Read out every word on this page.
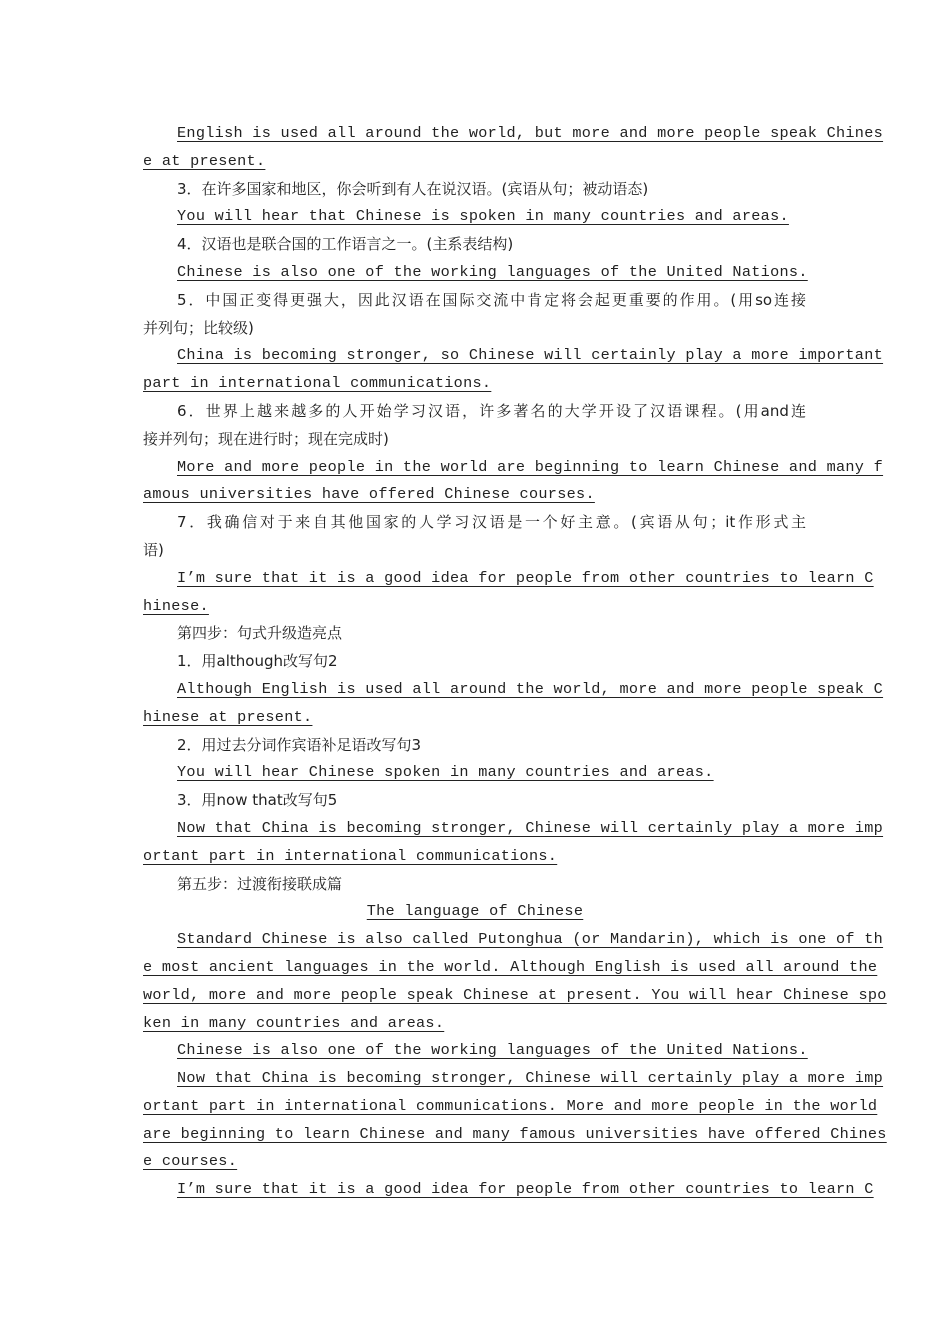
English is used all around the world, but more and more people speak Chines
e at present.
3．在许多国家和地区，你会听到有人在说汉语。(宾语从句；被动语态)
You will hear that Chinese is spoken in many countries and areas.
4．汉语也是联合国的工作语言之一。(主系表结构)
Chinese is also one of the working languages of the United Nations.
5．中国正变得更强大，因此汉语在国际交流中肯定将会起更重要的作用。(用so连接
并列句；比较级)
China is becoming stronger, so Chinese will certainly play a more important
part in international communications.
6．世界上越来越多的人开始学习汉语，许多著名的大学开设了汉语课程。(用and连
接并列句；现在进行时；现在完成时)
More and more people in the world are beginning to learn Chinese and many f
amous universities have offered Chinese courses.
7．我确信对于来自其他国家的人学习汉语是一个好主意。(宾语从句；it作形式主
语)
I’m sure that it is a good idea for people from other countries to learn C
hinese.
第四步：句式升级造亮点
1．用although改写句2
Although English is used all around the world, more and more people speak C
hinese at present.
2．用过去分词作宾语补足语改写句3
You will hear Chinese spoken in many countries and areas.
3．用now that改写句5
Now that China is becoming stronger, Chinese will certainly play a more imp
ortant part in international communications.
第五步：过渡衔接联成篇
The language of Chinese
Standard Chinese is also called Putonghua (or Mandarin), which is one of th
e most ancient languages in the world. Although English is used all around the
world, more and more people speak Chinese at present. You will hear Chinese spo
ken in many countries and areas.
Chinese is also one of the working languages of the United Nations.
Now that China is becoming stronger, Chinese will certainly play a more imp
ortant part in international communications. More and more people in the world
are beginning to learn Chinese and many famous universities have offered Chines
e courses.
I’m sure that it is a good idea for people from other countries to learn C
